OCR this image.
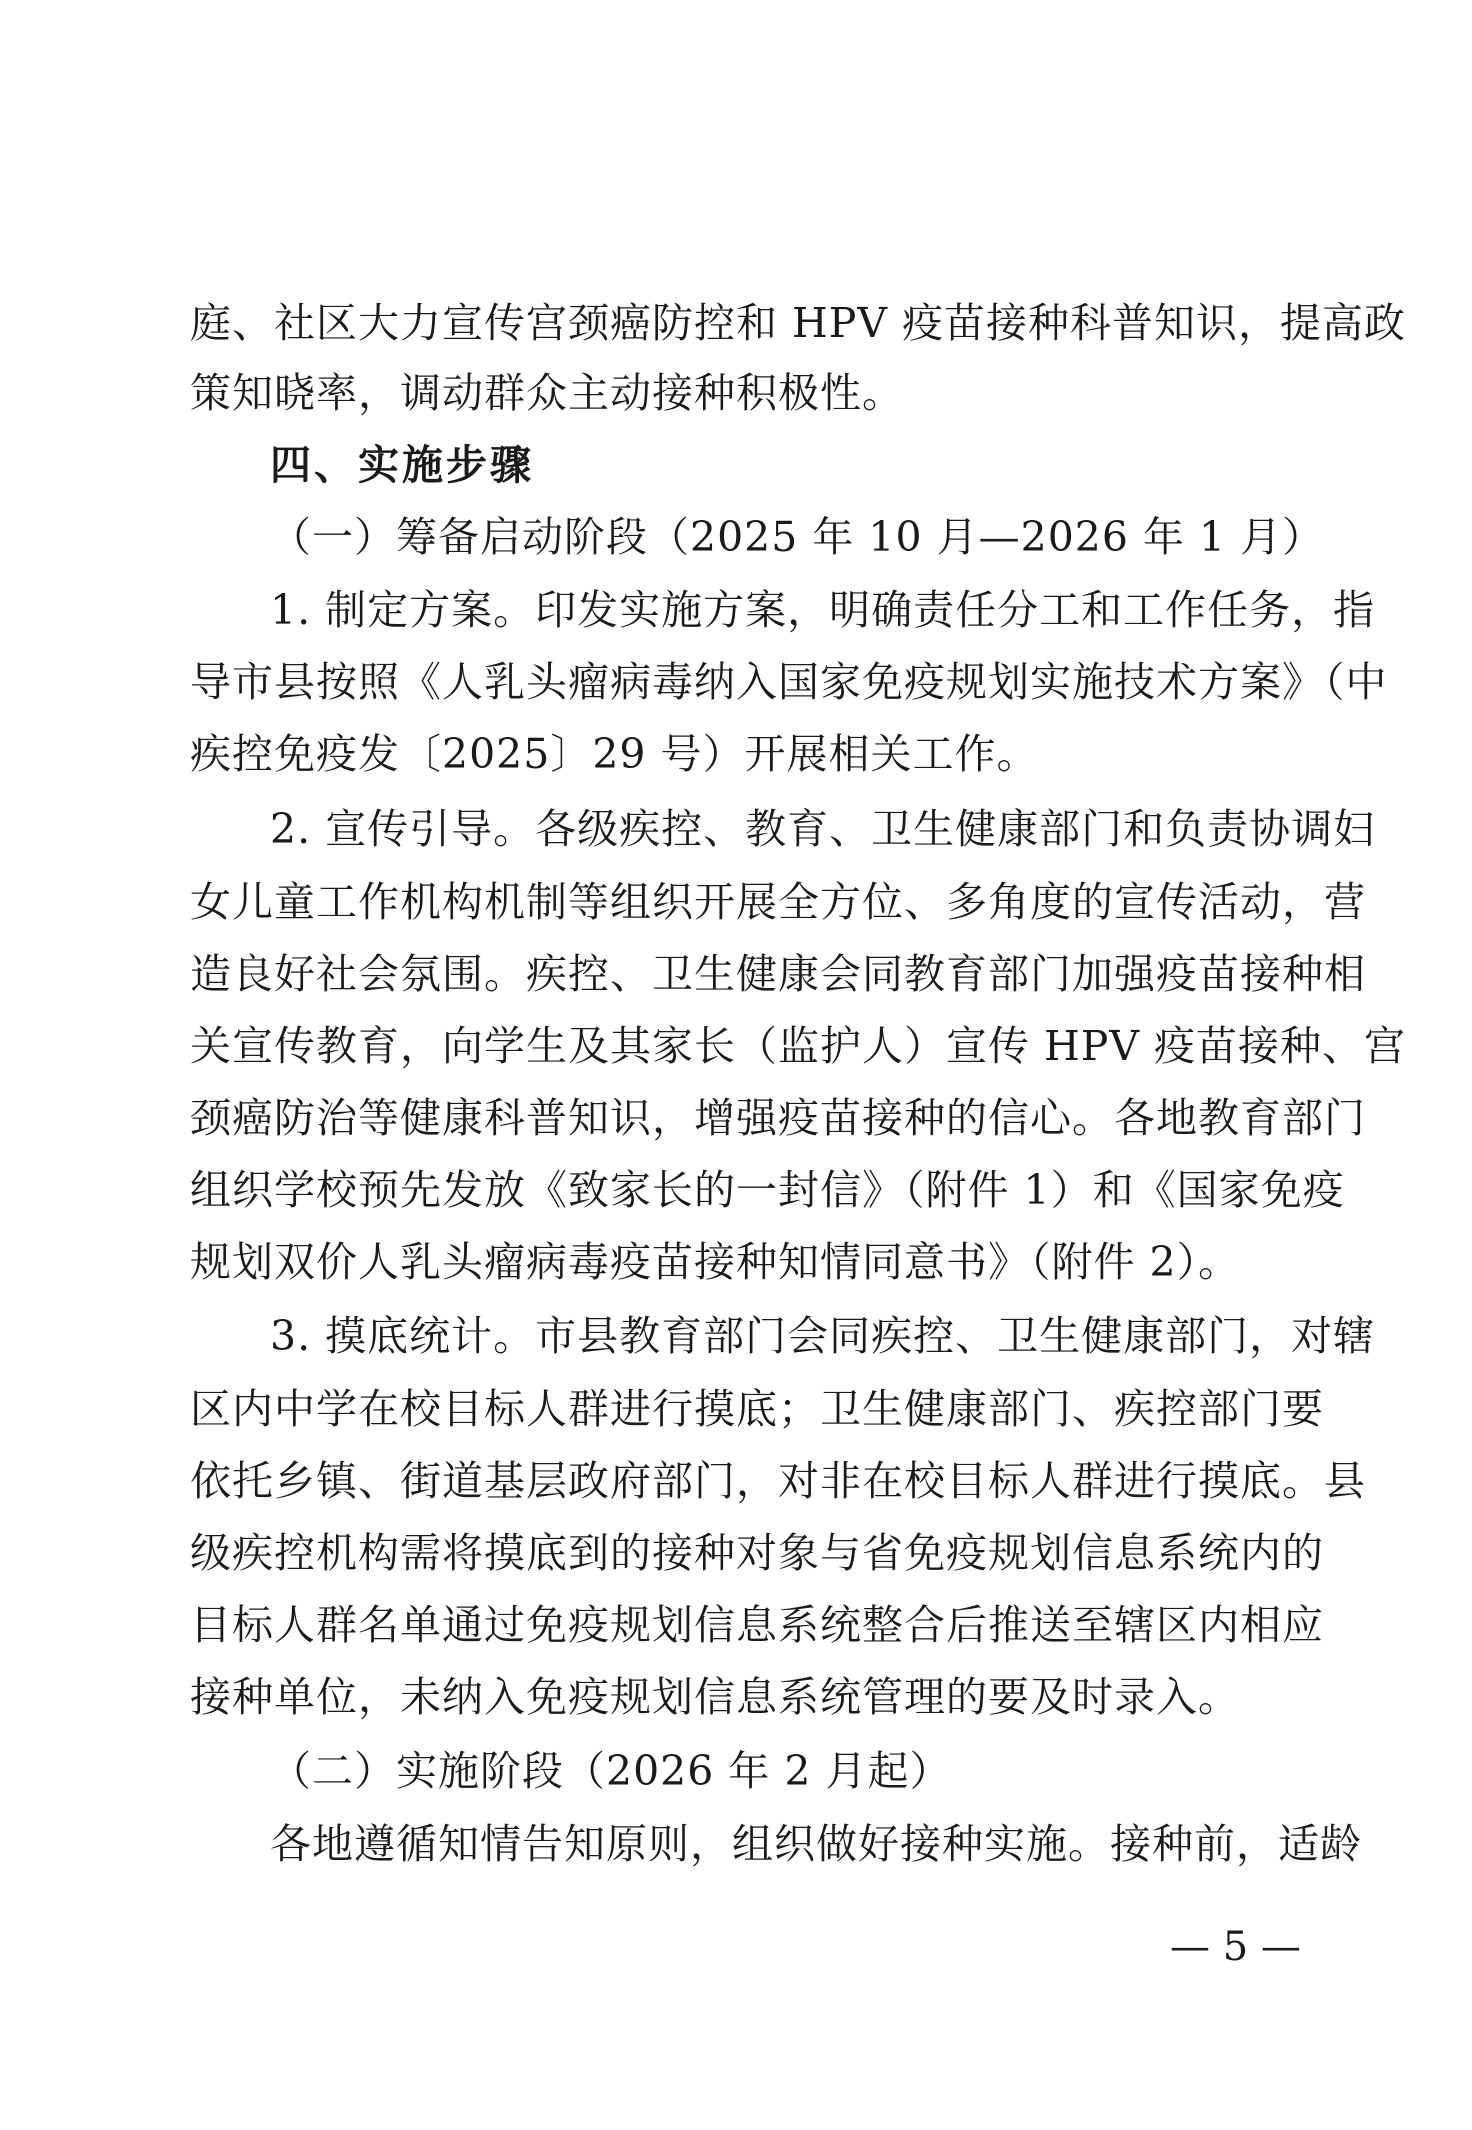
庭、社区大力宣传宫颈癌防控和 HPV 疫苗接种科普知识，提高政
策知晓率，调动群众主动接种积极性。
四、实施步骤
（一）筹备启动阶段（2025 年 10 月—2026 年 1 月）
1. 制定方案。印发实施方案，明确责任分工和工作任务，指
导市县按照《人乳头瘤病毒纳入国家免疫规划实施技术方案》（中
疾控免疫发〔2025〕29 号）开展相关工作。
2. 宣传引导。各级疾控、教育、卫生健康部门和负责协调妇
女儿童工作机构机制等组织开展全方位、多角度的宣传活动，营
造良好社会氛围。疾控、卫生健康会同教育部门加强疫苗接种相
关宣传教育，向学生及其家长（监护人）宣传 HPV 疫苗接种、宫
颈癌防治等健康科普知识，增强疫苗接种的信心。各地教育部门
组织学校预先发放《致家长的一封信》（附件 1）和《国家免疫
规划双价人乳头瘤病毒疫苗接种知情同意书》（附件 2）。
3. 摸底统计。市县教育部门会同疾控、卫生健康部门，对辖
区内中学在校目标人群进行摸底；卫生健康部门、疾控部门要
依托乡镇、街道基层政府部门，对非在校目标人群进行摸底。县
级疾控机构需将摸底到的接种对象与省免疫规划信息系统内的
目标人群名单通过免疫规划信息系统整合后推送至辖区内相应
接种单位，未纳入免疫规划信息系统管理的要及时录入。
（二）实施阶段（2026 年 2 月起）
各地遵循知情告知原则，组织做好接种实施。接种前，适龄
— 5 —
